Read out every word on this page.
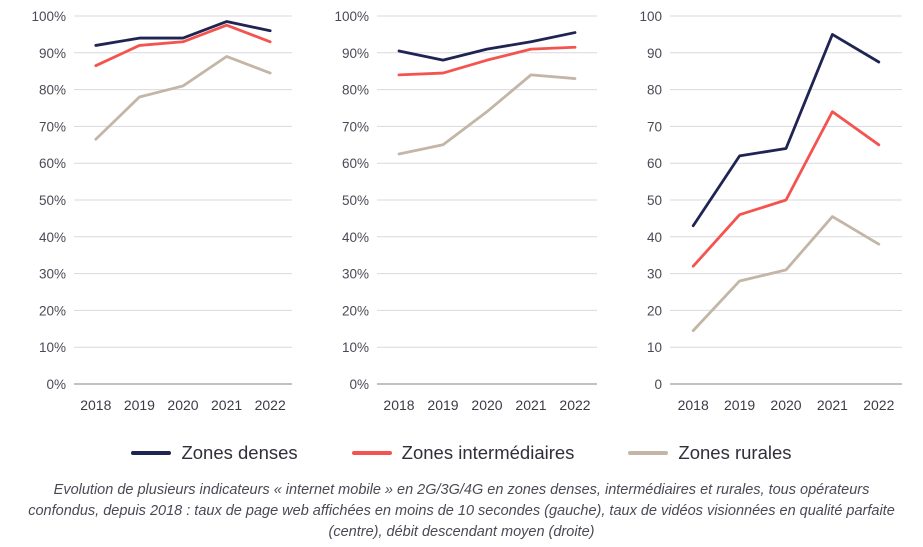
0%
10%
20%
30%
40%
50%
60%
70%
80%
90%
100%
2018 2019 2020 2021 2022
0%
10%
20%
30%
40%
50%
60%
70%
80%
90%
100%
2018 2019 2020 2021 2022
0
10
20
30
40
50
60
70
80
90
100
2018 2019 2020 2021 2022
Zones denses	Zones intermédiaires	Zones rurales
Evolution de plusieurs indicateurs « internet mobile » en 2G/3G/4G en zones denses, intermédiaires et rurales, tous opérateurs confondus, depuis 2018 : taux de page web affichées en moins de 10 secondes (gauche), taux de vidéos visionnées en qualité parfaite (centre), débit descendant moyen (droite)
